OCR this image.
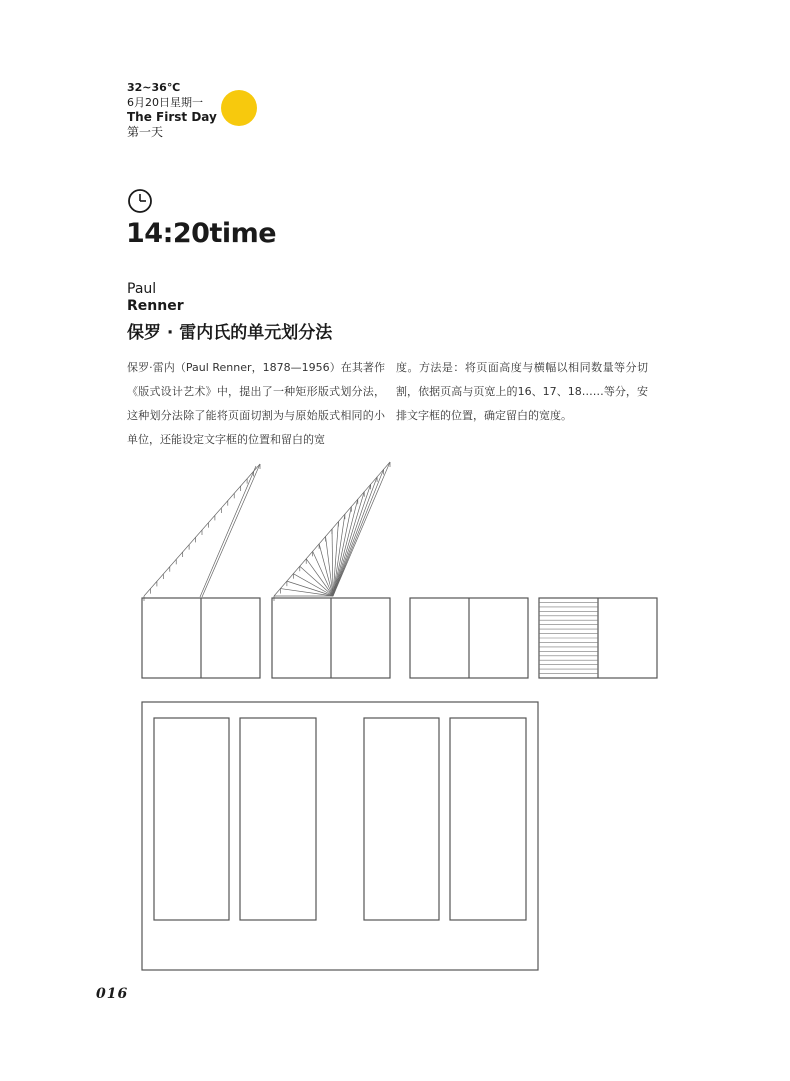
32~36℃
6月20日星期一
The First Day
第一天
14:20time
Paul
Renner
保罗 · 雷内氏的单元划分法
保罗·雷内（Paul Renner，1878—1956）在其著作《版式设计艺术》中，提出了一种矩形版式划分法，这种划分法除了能将页面切割为与原始版式相同的小单位，还能设定文字框的位置和留白的宽
度。方法是：将页面高度与横幅以相同数量等分切割，依据页高与页宽上的16、17、18……等分，安排文字框的位置，确定留白的宽度。
016
